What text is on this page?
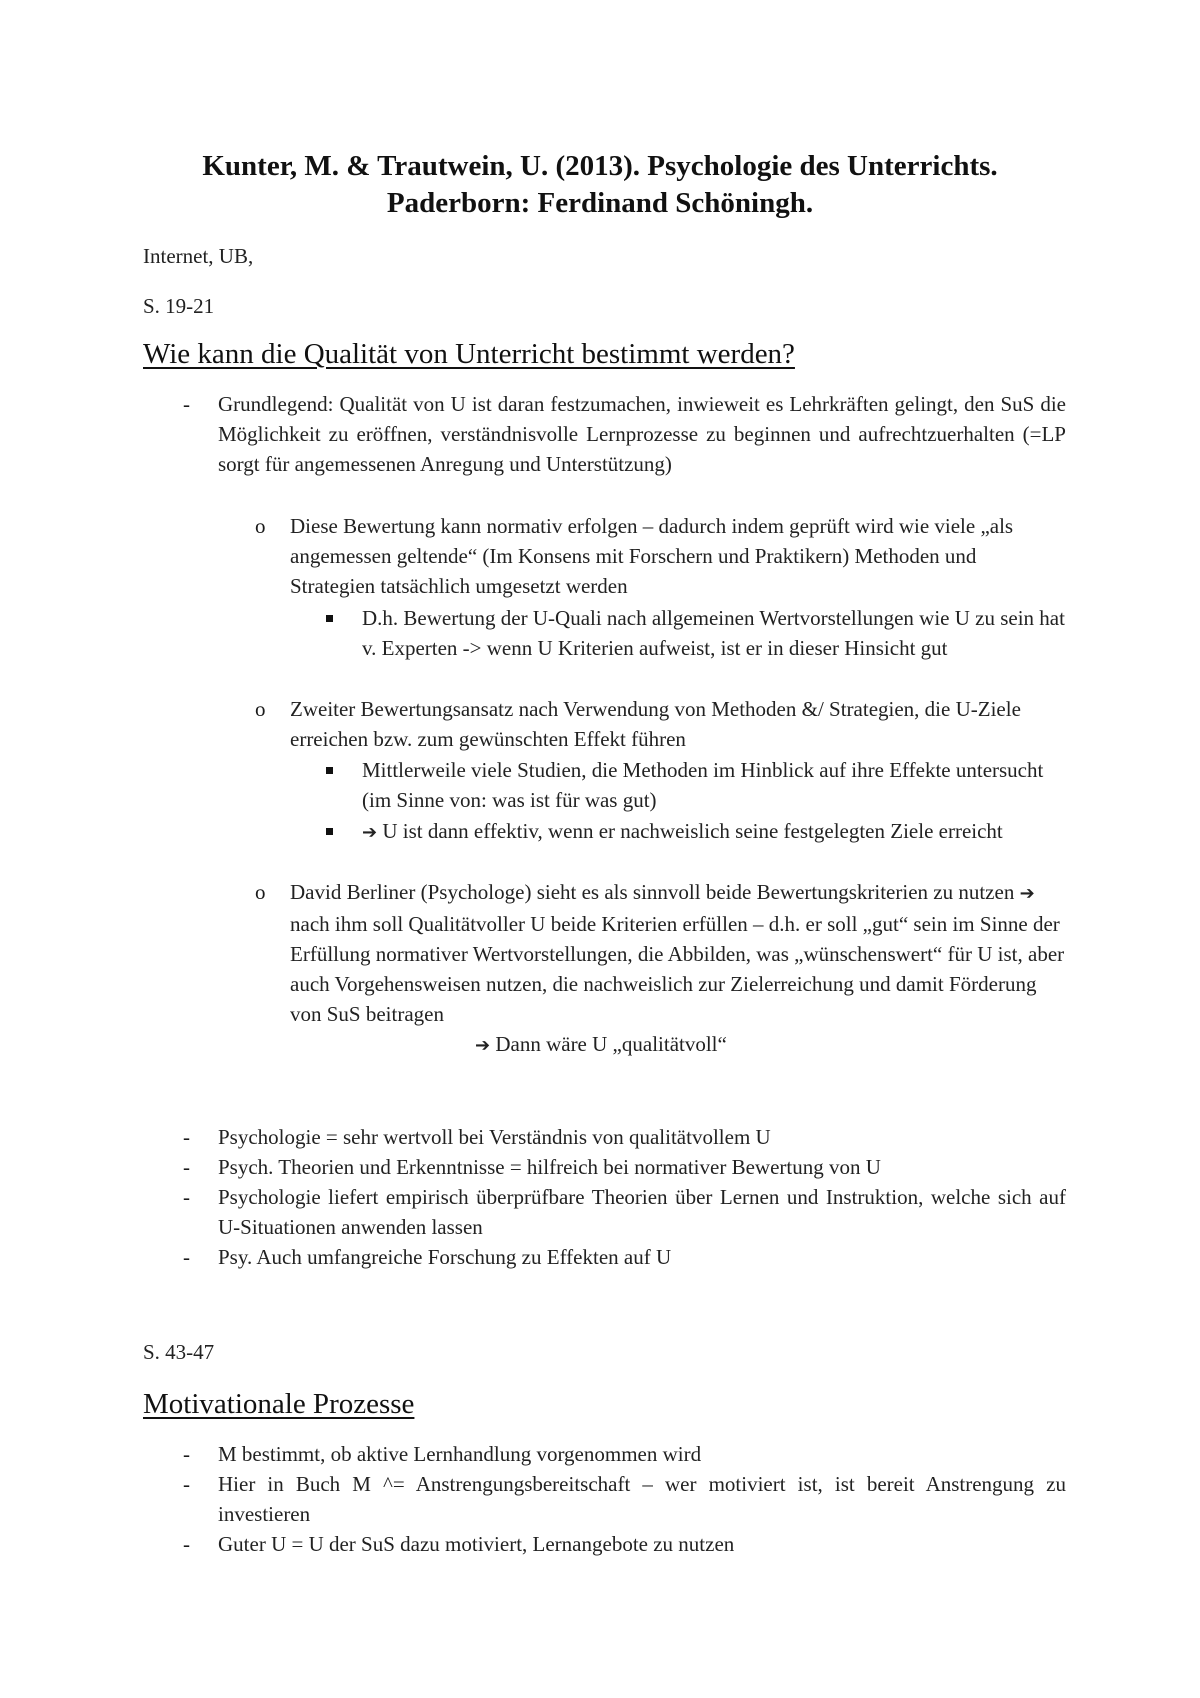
Kunter, M. & Trautwein, U. (2013). Psychologie des Unterrichts.
Paderborn: Ferdinand Schöningh.
Internet, UB,
S. 19-21
Wie kann die Qualität von Unterricht bestimmt werden?
- Grundlegend: Qualität von U ist daran festzumachen, inwieweit es Lehrkräften gelingt, den SuS die Möglichkeit zu eröffnen, verständnisvolle Lernprozesse zu beginnen und aufrechtzuerhalten (=LP sorgt für angemessenen Anregung und Unterstützung)
o Diese Bewertung kann normativ erfolgen – dadurch indem geprüft wird wie viele „als angemessen geltende“ (Im Konsens mit Forschern und Praktikern) Methoden und Strategien tatsächlich umgesetzt werden
D.h. Bewertung der U-Quali nach allgemeinen Wertvorstellungen wie U zu sein hat v. Experten -> wenn U Kriterien aufweist, ist er in dieser Hinsicht gut
o Zweiter Bewertungsansatz nach Verwendung von Methoden &/ Strategien, die U-Ziele erreichen bzw. zum gewünschten Effekt führen
Mittlerweile viele Studien, die Methoden im Hinblick auf ihre Effekte untersucht (im Sinne von: was ist für was gut)
➔ U ist dann effektiv, wenn er nachweislich seine festgelegten Ziele erreicht
o David Berliner (Psychologe) sieht es als sinnvoll beide Bewertungskriterien zu nutzen ➔ nach ihm soll Qualitätvoller U beide Kriterien erfüllen – d.h. er soll „gut“ sein im Sinne der Erfüllung normativer Wertvorstellungen, die Abbilden, was „wünschenswert“ für U ist, aber auch Vorgehensweisen nutzen, die nachweislich zur Zielerreichung und damit Förderung von SuS beitragen
➔ Dann wäre U „qualitätvoll“
- Psychologie = sehr wertvoll bei Verständnis von qualitätvollem U
- Psych. Theorien und Erkenntnisse = hilfreich bei normativer Bewertung von U
- Psychologie liefert empirisch überprüfbare Theorien über Lernen und Instruktion, welche sich auf U-Situationen anwenden lassen
- Psy. Auch umfangreiche Forschung zu Effekten auf U
S. 43-47
Motivationale Prozesse
- M bestimmt, ob aktive Lernhandlung vorgenommen wird
- Hier in Buch M ^= Anstrengungsbereitschaft – wer motiviert ist, ist bereit Anstrengung zu investieren
- Guter U = U der SuS dazu motiviert, Lernangebote zu nutzen
